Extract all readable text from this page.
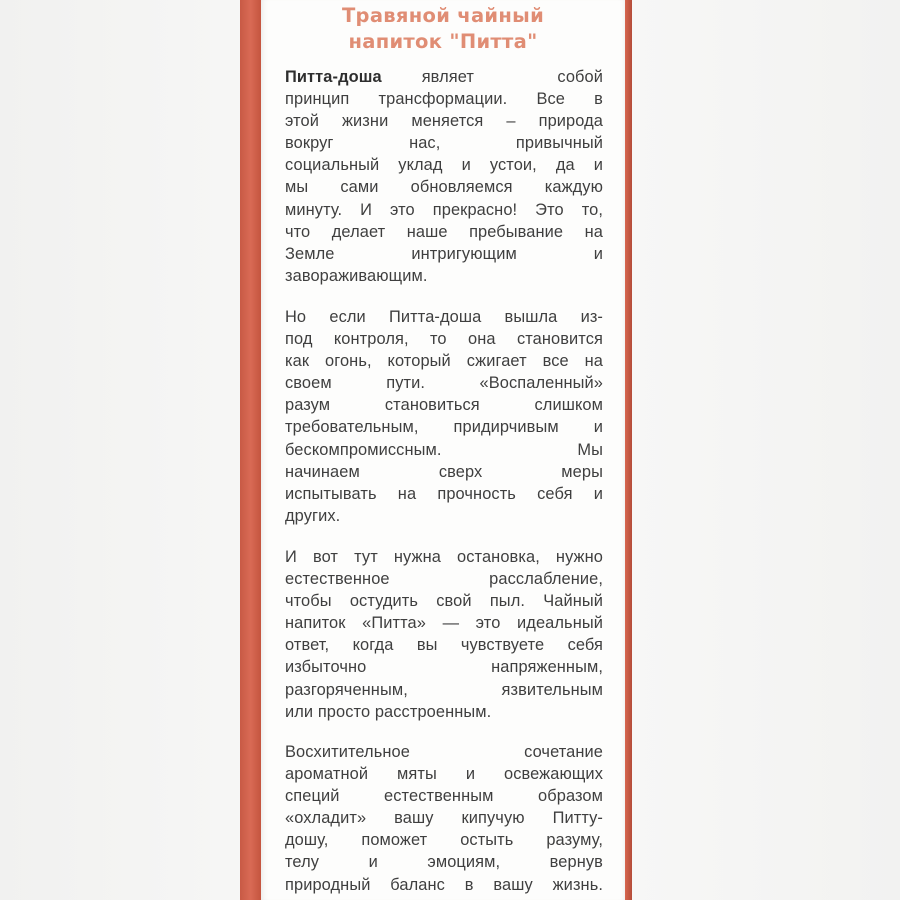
Травяной чайный
напиток "Питта"
Питта-доша являет собой
принцип трансформации. Все в
этой жизни меняется – природа
вокруг нас, привычный
социальный уклад и устои, да и
мы сами обновляемся каждую
минуту. И это прекрасно! Это то,
что делает наше пребывание на
Земле интригующим и
завораживающим.
Но если Питта-доша вышла из-
под контроля, то она становится
как огонь, который сжигает все на
своем пути. «Воспаленный»
разум становиться слишком
требовательным, придирчивым и
бескомпромиссным. Мы
начинаем сверх меры
испытывать на прочность себя и
других.
И вот тут нужна остановка, нужно
естественное расслабление,
чтобы остудить свой пыл. Чайный
напиток «Питта» — это идеальный
ответ, когда вы чувствуете себя
избыточно напряженным,
разгоряченным, язвительным
или просто расстроенным.
Восхитительное сочетание
ароматной мяты и освежающих
специй естественным образом
«охладит» вашу кипучую Питту-
дошу, поможет остыть разуму,
телу и эмоциям, вернув
природный баланс в вашу жизнь.
